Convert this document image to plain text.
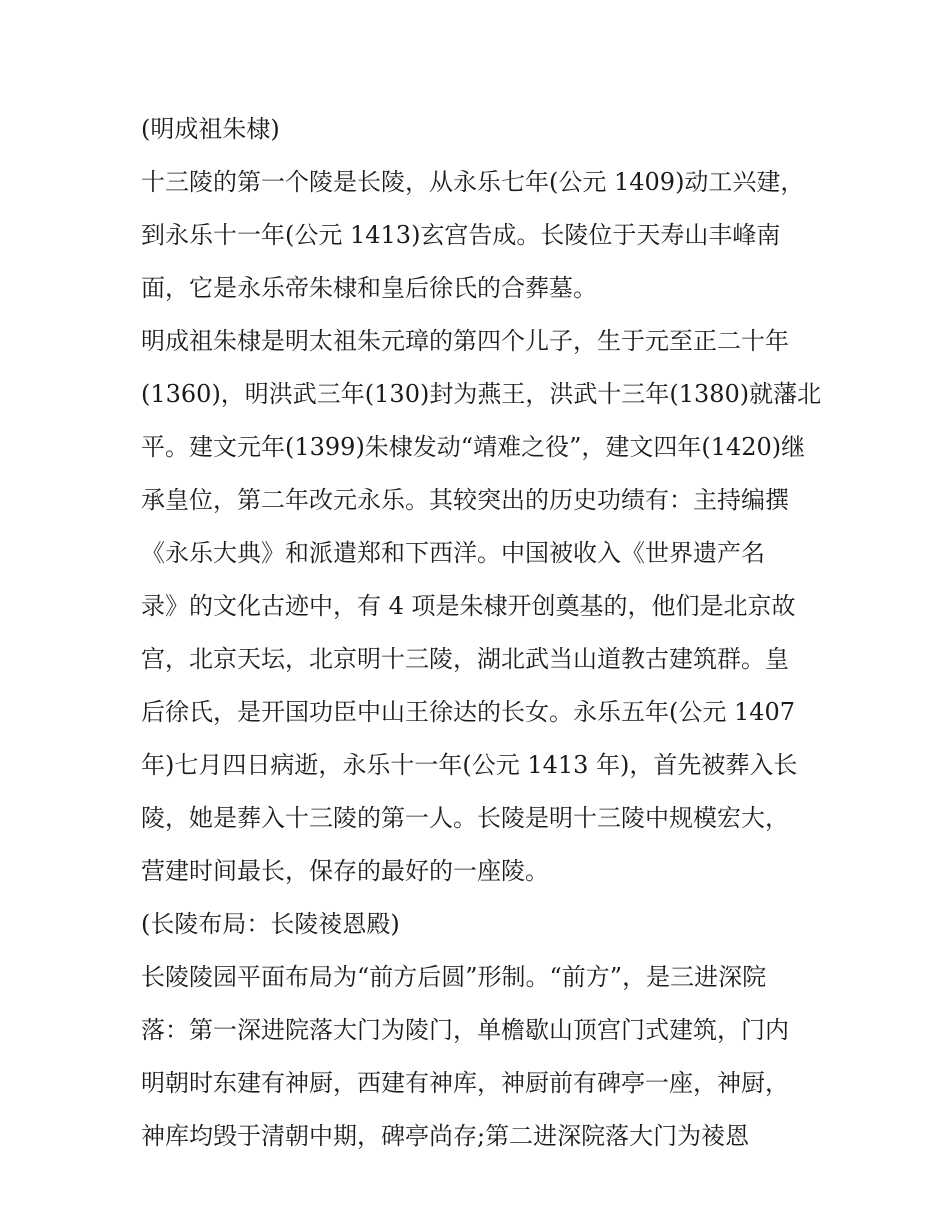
(明成祖朱棣)
十三陵的第一个陵是长陵，从永乐七年(公元 1409)动工兴建，
到永乐十一年(公元 1413)玄宫告成。长陵位于天寿山丰峰南
面，它是永乐帝朱棣和皇后徐氏的合葬墓。
明成祖朱棣是明太祖朱元璋的第四个儿子，生于元至正二十年
(1360)，明洪武三年(130)封为燕王，洪武十三年(1380)就藩北
平。建文元年(1399)朱棣发动“靖难之役”，建文四年(1420)继
承皇位，第二年改元永乐。其较突出的历史功绩有：主持编撰
《永乐大典》和派遣郑和下西洋。中国被收入《世界遗产名
录》的文化古迹中，有 4 项是朱棣开创奠基的，他们是北京故
宫，北京天坛，北京明十三陵，湖北武当山道教古建筑群。皇
后徐氏，是开国功臣中山王徐达的长女。永乐五年(公元 1407
年)七月四日病逝，永乐十一年(公元 1413 年)，首先被葬入长
陵，她是葬入十三陵的第一人。长陵是明十三陵中规模宏大，
营建时间最长，保存的最好的一座陵。
(长陵布局：长陵祾恩殿)
长陵陵园平面布局为“前方后圆”形制。“前方”，是三进深院
落：第一深进院落大门为陵门，单檐歇山顶宫门式建筑，门内
明朝时东建有神厨，西建有神库，神厨前有碑亭一座，神厨，
神库均毁于清朝中期，碑亭尚存;第二进深院落大门为祾恩
